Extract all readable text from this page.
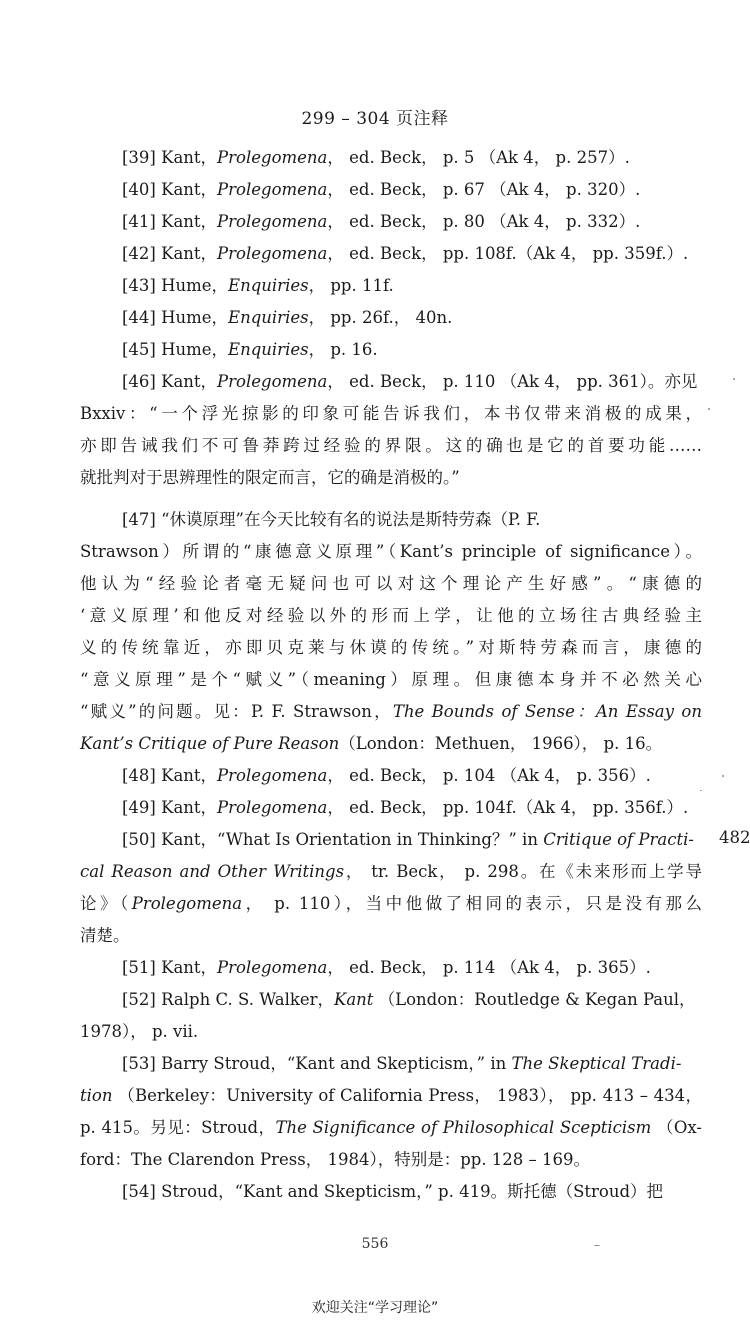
299 – 304 页注释
[39] Kant，Prolegomena， ed. Beck， p. 5 （Ak 4， p. 257）.
[40] Kant，Prolegomena， ed. Beck， p. 67 （Ak 4， p. 320）.
[41] Kant，Prolegomena， ed. Beck， p. 80 （Ak 4， p. 332）.
[42] Kant，Prolegomena， ed. Beck， pp. 108f.（Ak 4， pp. 359f.）.
[43] Hume，Enquiries， pp. 11f.
[44] Hume，Enquiries， pp. 26f.， 40n.
[45] Hume，Enquiries， p. 16.
[46] Kant，Prolegomena， ed. Beck， p. 110 （Ak 4， pp. 361）。亦见
Bxxiv：“一个浮光掠影的印象可能告诉我们，本书仅带来消极的成果，
亦即告诫我们不可鲁莽跨过经验的界限。这的确也是它的首要功能……
就批判对于思辨理性的限定而言，它的确是消极的。”
[47] “休谟原理”在今天比较有名的说法是斯特劳森（P. F.
Strawson）所谓的“康德意义原理”（Kant’s principle of significance）。
他认为“经验论者毫无疑问也可以对这个理论产生好感”。“康德的
‘意义原理’和他反对经验以外的形而上学，让他的立场往古典经验主
义的传统靠近，亦即贝克莱与休谟的传统。”对斯特劳森而言，康德的
“意义原理”是个“赋义”（meaning）原理。但康德本身并不必然关心
“赋义”的问题。见：P. F. Strawson，The Bounds of Sense：An Essay on
Kant’s Critique of Pure Reason（London：Methuen， 1966）， p. 16。
[48] Kant，Prolegomena， ed. Beck， p. 104 （Ak 4， p. 356）.
[49] Kant，Prolegomena， ed. Beck， pp. 104f.（Ak 4， pp. 356f.）.
[50] Kant，“What Is Orientation in Thinking？” in Critique of Practi-
cal Reason and Other Writings， tr. Beck， p. 298。在《未来形而上学导
论》（Prolegomena， p. 110），当中他做了相同的表示，只是没有那么
清楚。
[51] Kant，Prolegomena， ed. Beck， p. 114 （Ak 4， p. 365）.
[52] Ralph C. S. Walker，Kant （London：Routledge & Kegan Paul，
1978）， p. vii.
[53] Barry Stroud，“Kant and Skepticism，” in The Skeptical Tradi-
tion （Berkeley：University of California Press， 1983）， pp. 413 – 434，
p. 415。另见：Stroud，The Significance of Philosophical Scepticism （Ox-
ford：The Clarendon Press， 1984），特别是：pp. 128 – 169。
[54] Stroud，“Kant and Skepticism，” p. 419。斯托德（Stroud）把
482
556
欢迎关注“学习理论”
